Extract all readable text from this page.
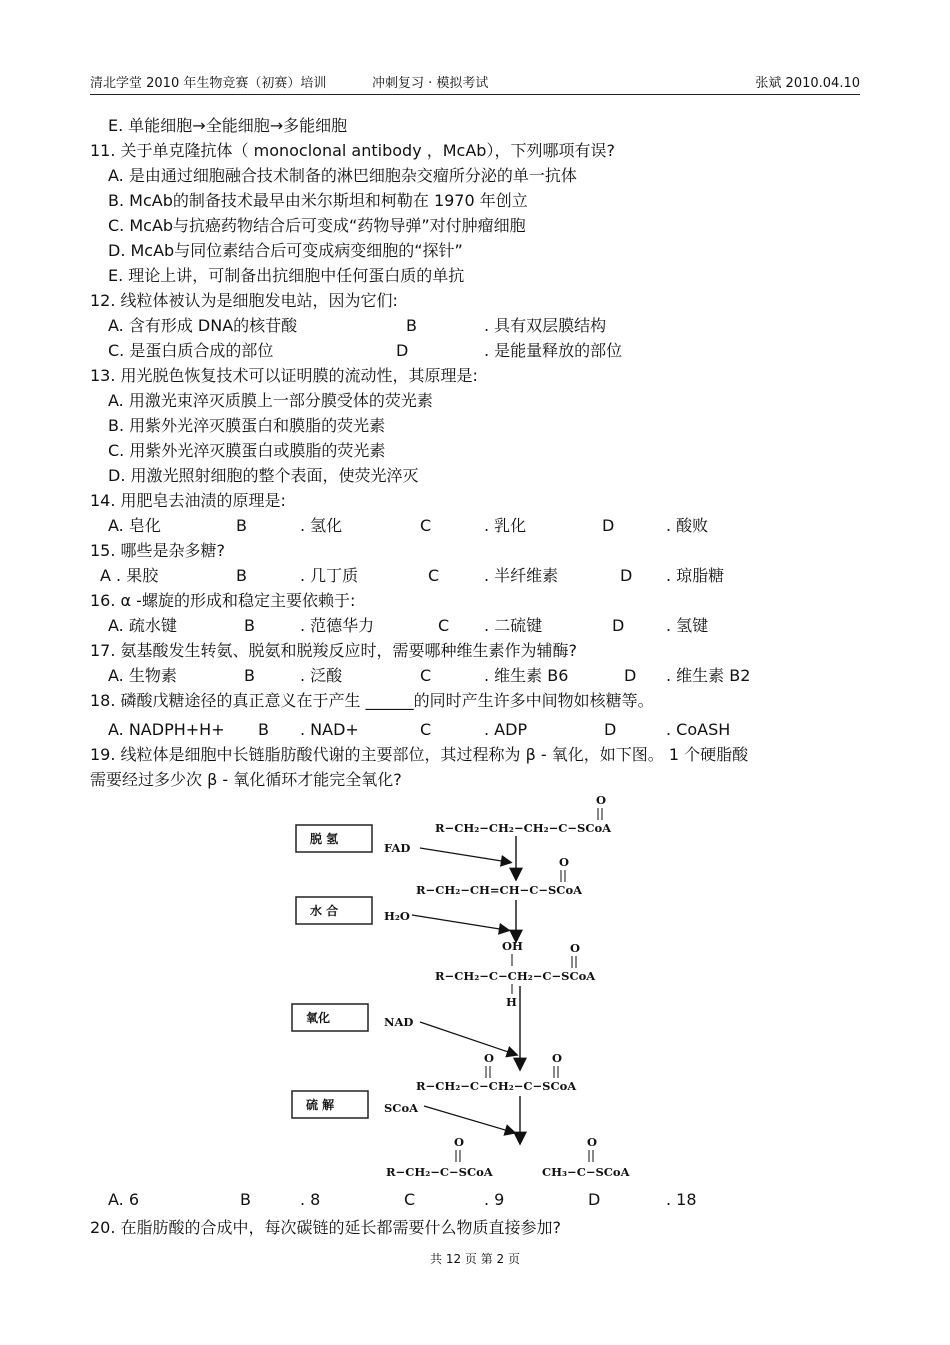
清北学堂 2010 年生物竞赛（初赛）培训	冲刺复习 · 模拟考试	张斌 2010.04.10
E. 单能细胞→全能细胞→多能细胞
11. 关于单克隆抗体（ monoclonal antibody ，McAb），下列哪项有误?
A. 是由通过细胞融合技术制备的淋巴细胞杂交瘤所分泌的单一抗体
B. McAb的制备技术最早由米尔斯坦和柯勒在 1970 年创立
C. McAb与抗癌药物结合后可变成“药物导弹”对付肿瘤细胞
D. McAb与同位素结合后可变成病变细胞的“探针”
E. 理论上讲，可制备出抗细胞中任何蛋白质的单抗
12. 线粒体被认为是细胞发电站，因为它们:
A. 含有形成 DNA的核苷酸	B	. 具有双层膜结构
C. 是蛋白质合成的部位	D	. 是能量释放的部位
13. 用光脱色恢复技术可以证明膜的流动性，其原理是:
A. 用激光束淬灭质膜上一部分膜受体的荧光素
B. 用紫外光淬灭膜蛋白和膜脂的荧光素
C. 用紫外光淬灭膜蛋白或膜脂的荧光素
D. 用激光照射细胞的整个表面，使荧光淬灭
14. 用肥皂去油渍的原理是:
A. 皂化	B	. 氢化	C	. 乳化	D	. 酸败
15. 哪些是杂多糖?
A . 果胶	B	. 几丁质	C	. 半纤维素	D . 琼脂糖
16. α -螺旋的形成和稳定主要依赖于:
A. 疏水键	B	. 范德华力	C . 二硫键	D	. 氢键
17. 氨基酸发生转氨、脱氨和脱羧反应时，需要哪种维生素作为辅酶?
A. 生物素	B	. 泛酸	C	. 维生素 B6	D . 维生素 B2
18. 磷酸戊糖途径的真正意义在于产生 ______的同时产生许多中间物如核糖等。
A. NADPH+H+ B . NAD+	C	. ADP	D	. CoASH
19. 线粒体是细胞中长链脂肪酸代谢的主要部位，其过程称为 β - 氧化，如下图。 1 个硬脂酸
需要经过多少次 β - 氧化循环才能完全氧化?
脱 氢
水 合
氧化
硫 解
O
R−CH₂−CH₂−CH₂−C−SCoA
FAD
O
R−CH₂−CH=CH−C−SCoA
H₂O
OH	O
R−CH₂−C−CH₂−C−SCoA
H
NAD
O	O
R−CH₂−C−CH₂−C−SCoA
SCoA
O	O
R−CH₂−C−SCoA	CH₃−C−SCoA
A. 6	B	. 8	C	. 9	D	. 18
20. 在脂肪酸的合成中，每次碳链的延长都需要什么物质直接参加?
共 12 页 第 2 页
